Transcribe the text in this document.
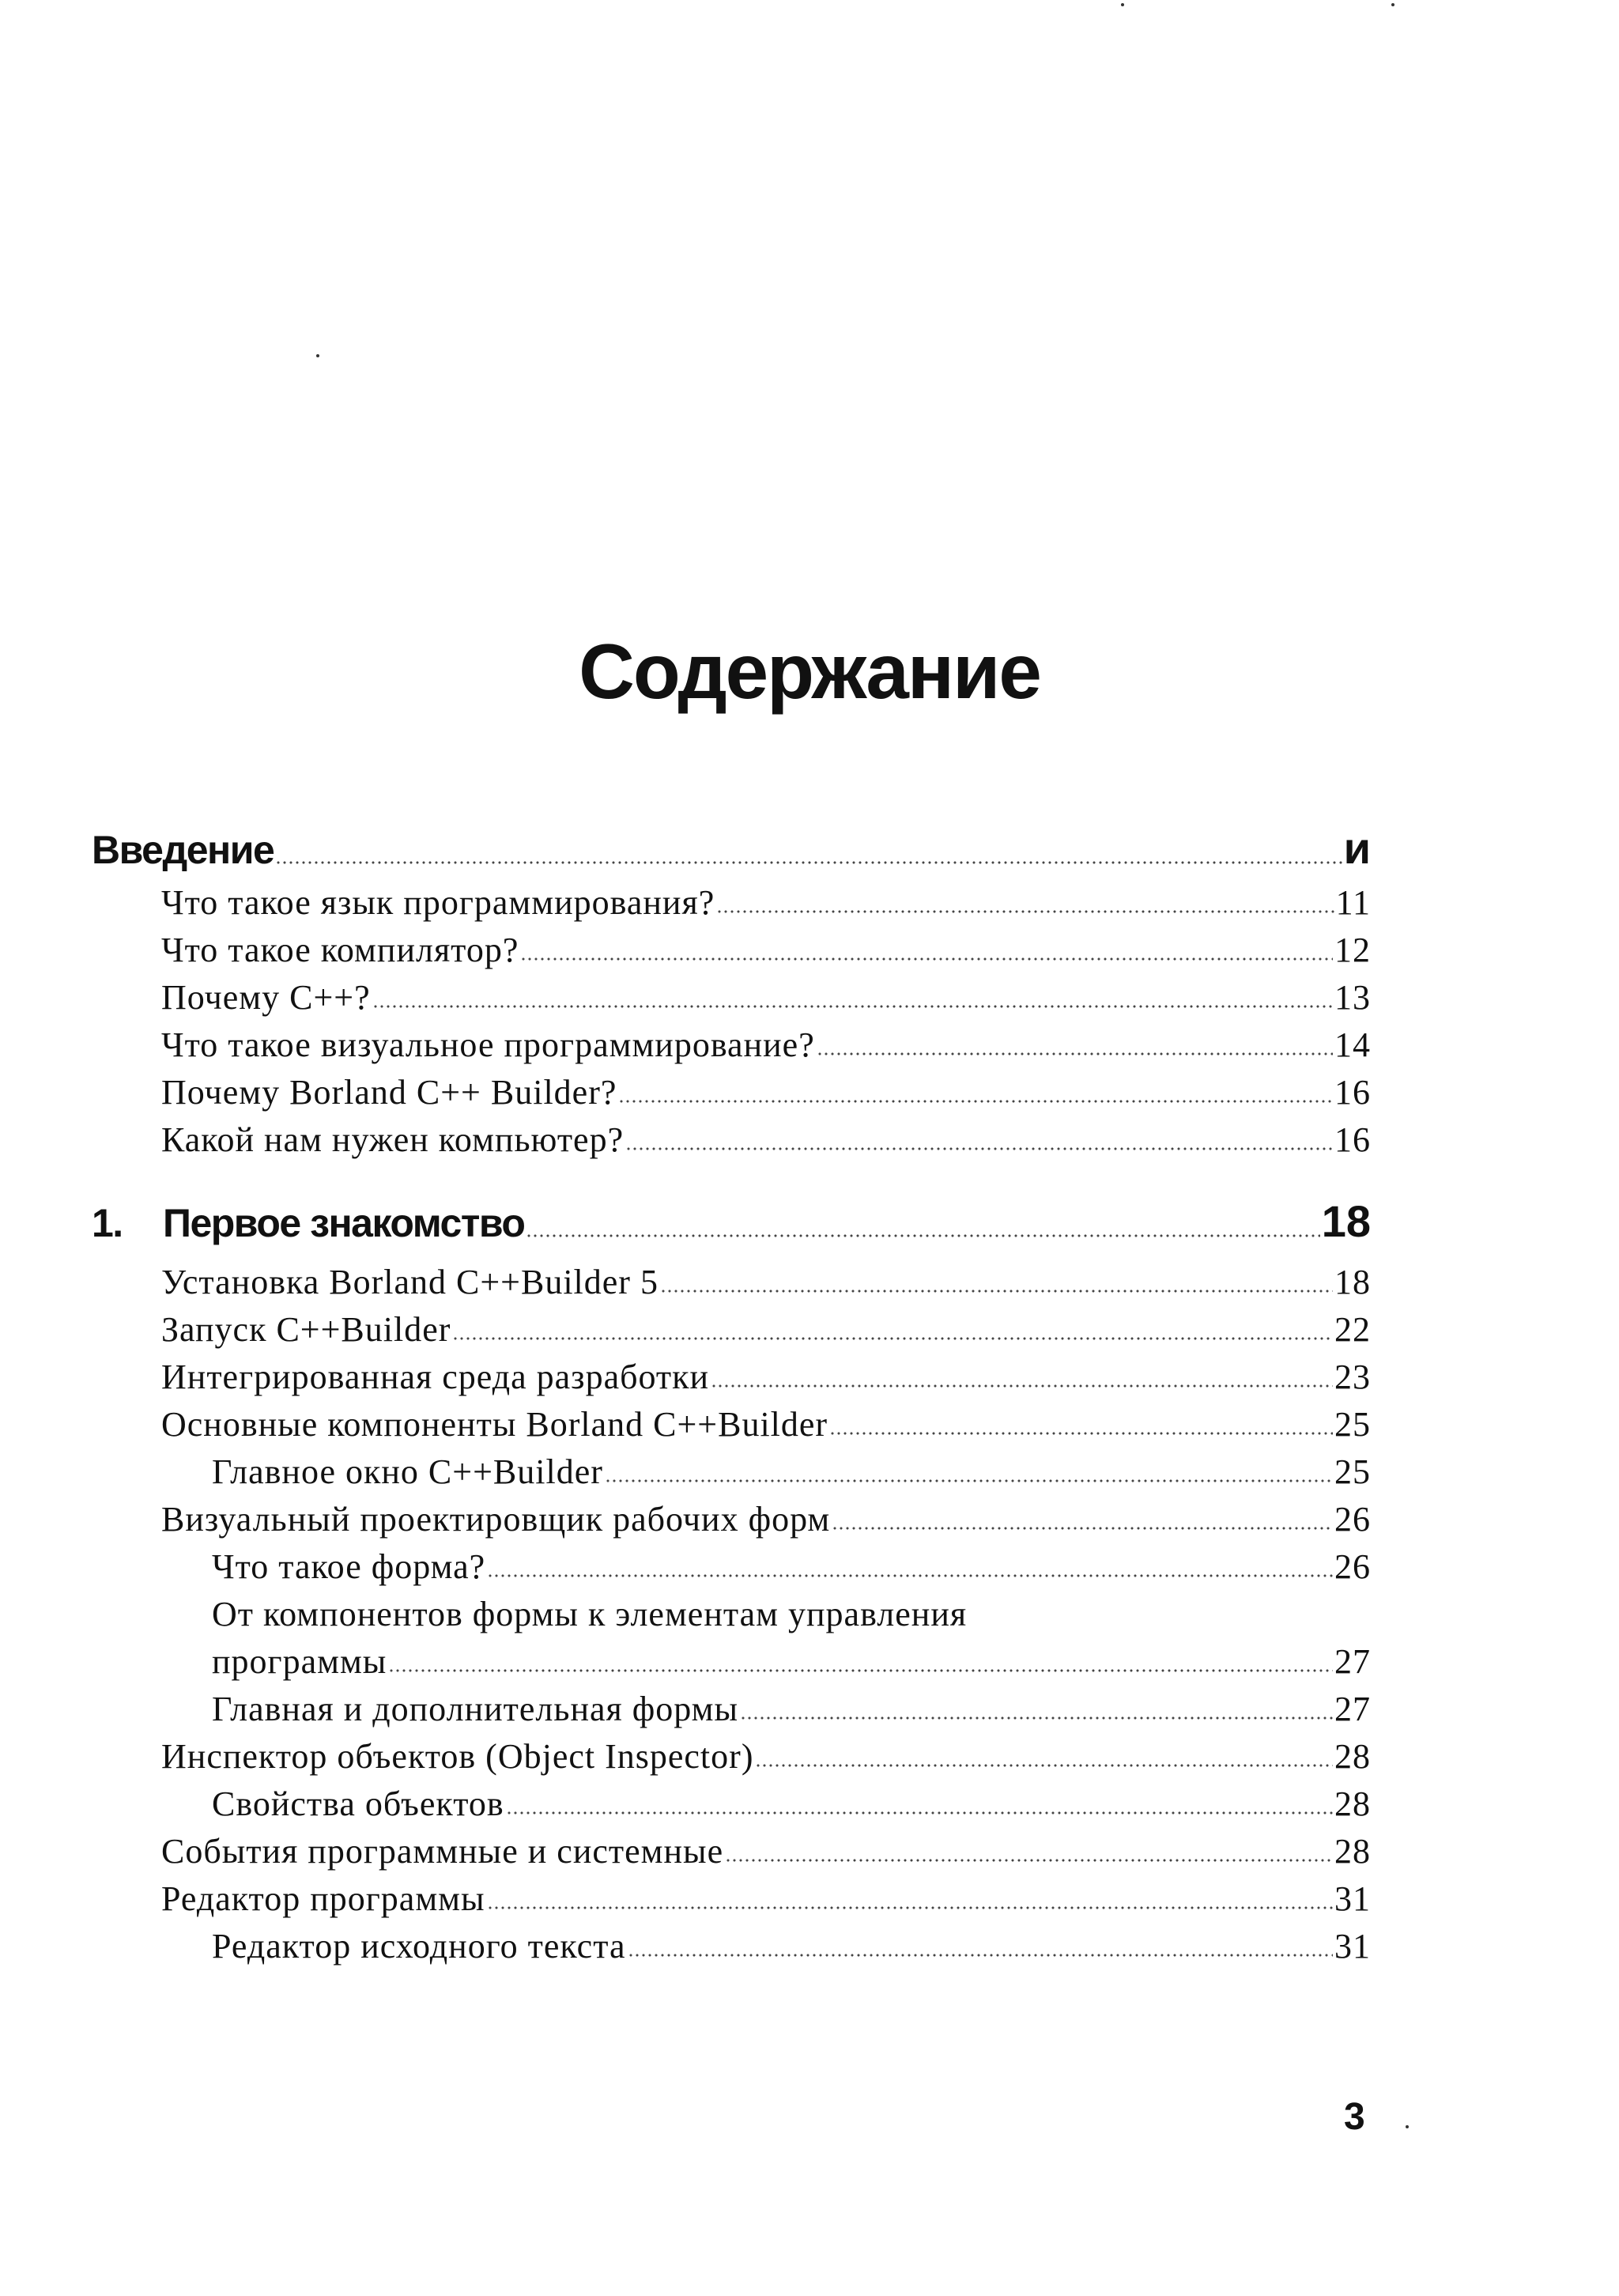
Содержание
Введение	и
Что такое язык программирования?	11
Что такое компилятор?	12
Почему С++?	13
Что такое визуальное программирование?	14
Почему Borland C++ Builder?	16
Какой нам нужен компьютер?	16
1.	Первое знакомство	18
Установка Borland C++Builder 5	18
Запуск C++Builder	22
Интегрированная среда разработки	23
Основные компоненты Borland C++Builder	25
Главное окно C++Builder	25
Визуальный проектировщик рабочих форм	26
Что такое форма?	26
От компонентов формы к элементам управления
программы	27
Главная и дополнительная формы	27
Инспектор объектов (Object Inspector)	28
Свойства объектов	28
События программные и системные	28
Редактор программы	31
Редактор исходного текста	31
3
